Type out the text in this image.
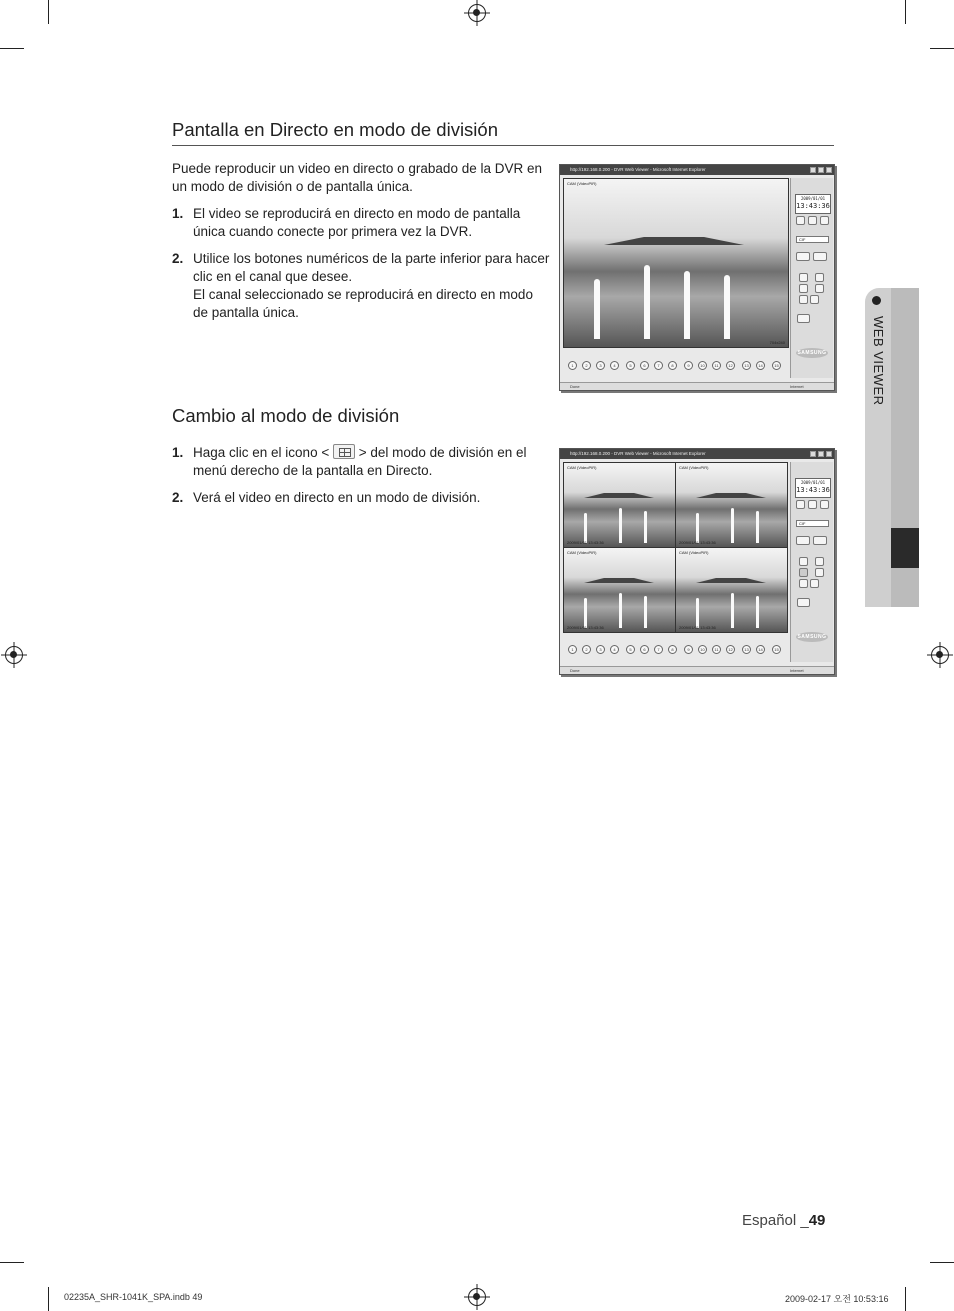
Pantalla en Directo en modo de división
Puede reproducir un video en directo o grabado de la DVR en
un modo de división o de pantalla única.
1. El video se reproducirá en directo en modo de pantalla
única cuando conecte por primera vez la DVR.
2. Utilice los botones numéricos de la parte inferior para hacer
clic en el canal que desee.
El canal seleccionado se reproducirá en directo en modo
de pantalla única.
http://192.168.0.200 - DVR Web Viewer - Microsoft Internet Explorer
CAM (VideoPIR)
704x240
2009/01/01
13:43:36
CIF
SAMSUNG
1	2	3	4	5	6	7	8	9	10	11	12	13	14	15
Done	Internet
Cambio al modo de división
1. Haga clic en el icono < > del modo de división en el
menú derecho de la pantalla en Directo.
2. Verá el video en directo en un modo de división.
http://192.168.0.200 - DVR Web Viewer - Microsoft Internet Explorer
CAM (VideoPIR)
2009/01/01 13:43:36
CAM (VideoPIR)
2009/01/01 13:43:36
CAM (VideoPIR)
2009/01/01 13:43:36
CAM (VideoPIR)
2009/01/01 13:43:36
2009/01/01
13:43:36
CIF
SAMSUNG
1	2	3	4	5	6	7	8	9	10	11	12	13	14	15
Done	Internet
WEB VIEWER
Español _49
02235A_SHR-1041K_SPA.indb 49	2009-02-17 오전 10:53:16
